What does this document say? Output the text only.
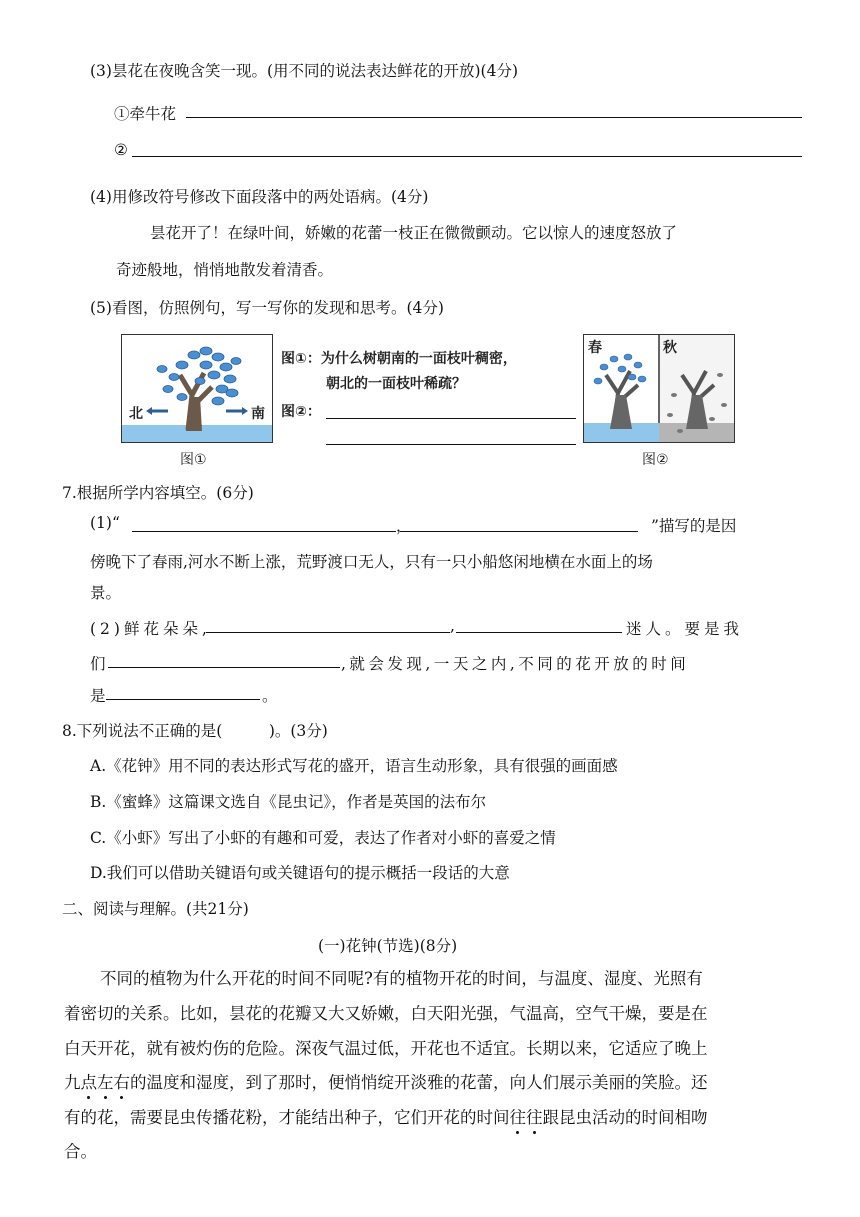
(3)昙花在夜晚含笑一现。(用不同的说法表达鲜花的开放)(4分)
①牵牛花
②
(4)用修改符号修改下面段落中的两处语病。(4分)
昙花开了！在绿叶间，娇嫩的花蕾一枝正在微微颤动。它以惊人的速度怒放了
奇迹般地，悄悄地散发着清香。
(5)看图，仿照例句，写一写你的发现和思考。(4分)
北	南
图①
图①：为什么树朝南的一面枝叶稠密，
朝北的一面枝叶稀疏？
图②：
春	秋
图②
7.根据所学内容填空。(6分)
(1)“	，	”描写的是因
傍晚下了春雨,河水不断上涨，荒野渡口无人，只有一只小船悠闲地横在水面上的场
景。
(2)鲜花朵朵,	,	迷人。要是我
们	,就会发现,一天之内,不同的花开放的时间
是	。
8.下列说法不正确的是(　　　)。(3分)
A.《花钟》用不同的表达形式写花的盛开，语言生动形象，具有很强的画面感
B.《蜜蜂》这篇课文选自《昆虫记》，作者是英国的法布尔
C.《小虾》写出了小虾的有趣和可爱，表达了作者对小虾的喜爱之情
D.我们可以借助关键语句或关键语句的提示概括一段话的大意
二、阅读与理解。(共21分)
(一)花钟(节选)(8分)
不同的植物为什么开花的时间不同呢?有的植物开花的时间，与温度、湿度、光照有
着密切的关系。比如，昙花的花瓣又大又娇嫩，白天阳光强，气温高，空气干燥，要是在
白天开花，就有被灼伤的危险。深夜气温过低，开花也不适宜。长期以来，它适应了晚上
九点左右的温度和湿度，到了那时，便悄悄绽开淡雅的花蕾，向人们展示美丽的笑脸。还
有的花，需要昆虫传播花粉，才能结出种子，它们开花的时间往往跟昆虫活动的时间相吻
合。
